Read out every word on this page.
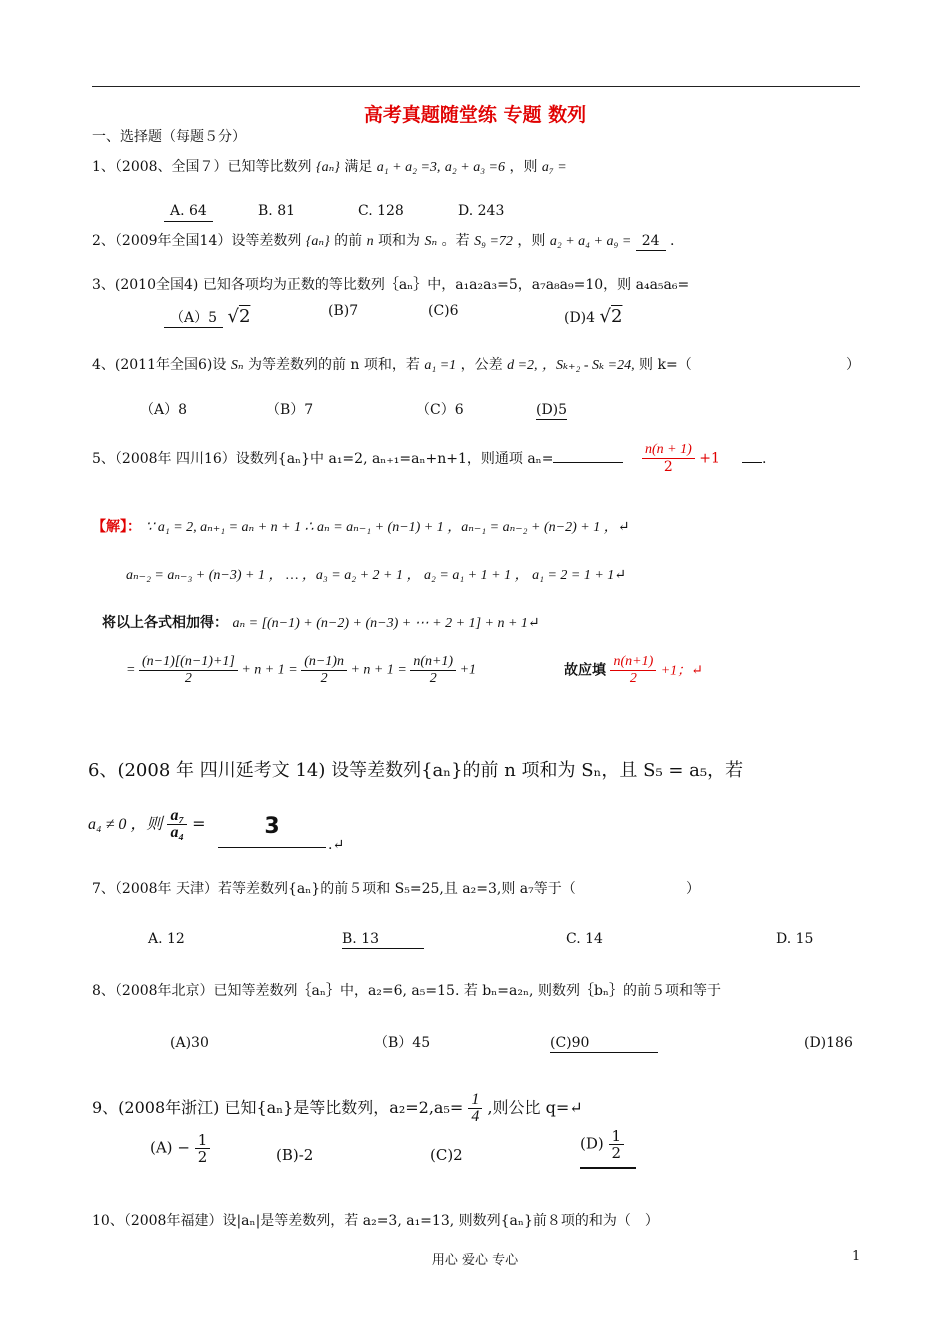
高考真题随堂练 专题 数列
一、选择题（每题５分）
1、（2008、全国７）已知等比数列 {aₙ} 满足 a₁ + a₂ =3, a₂ + a₃ =6 ，则 a₇ =
A. 64	B. 81	C. 128	D. 243
2、（2009年全国14）设等差数列 {aₙ} 的前 n 项和为 Sₙ 。若 S₉ =72 ，则 a₂ + a₄ + a₉ = 24 .
3、(2010全国4) 已知各项均为正数的等比数列｛aₙ｝中，a₁a₂a₃=5，a₇a₈a₉=10，则 a₄a₅a₆=
（A）5 √2	(B)7	(C)6	(D)4 √2
4、(2011年全国6)设 Sₙ 为等差数列的前 n 项和，若 a₁ =1 ，公差 d =2, ，Sₖ₊₂ - Sₖ =24, 则 k=（	）
（A）8	（B）7	（C）6	(D)5
5、（2008年 四川16）设数列{aₙ}中 a₁=2, aₙ₊₁=aₙ+n+1，则通项 aₙ=	$\frac{n(n + 1)}{2} +1$	.
【解】： ∵ a₁ = 2, aₙ₊₁ = aₙ + n + 1 ∴ aₙ = aₙ₋₁ + (n−1) + 1 ，aₙ₋₁ = aₙ₋₂ + (n−2) + 1 ，↵
aₙ₋₂ = aₙ₋₃ + (n−3) + 1 ， … ，a₃ = a₂ + 2 + 1 ， a₂ = a₁ + 1 + 1 ， a₁ = 2 = 1 + 1↵
将以上各式相加得： aₙ = [(n−1) + (n−2) + (n−3) + ⋯ + 2 + 1] + n + 1↵
= $\frac{(n-1)[(n-1)+1]}{2} + n + 1 = \frac{(n-1)n}{2} + n + 1 = \frac{n(n+1)}{2} +1$	故应填 $\frac{n(n+1)}{2} +1$；↵
6、(2008 年 四川延考文 14) 设等差数列{aₙ}的前 n 项和为 Sₙ，且 S₅ = a₅，若
a₄ ≠ 0 ，则 $\frac{\text{a₇}}{\text{a₄}}$ =	3
.↵
7、（2008年 天津）若等差数列{aₙ}的前５项和 S₅=25,且 a₂=3,则 a₇等于（	）
A. 12	B. 13	C. 14	D. 15
8、（2008年北京）已知等差数列｛aₙ｝中，a₂=6, a₅=15. 若 bₙ=a₂ₙ, 则数列｛bₙ｝的前５项和等于
(A)30	（B）45	(C)90	(D)186
9、(2008年浙江) 已知{aₙ}是等比数列，$a_2=2,a_5= \frac{1}{4}$ ,则公比 q=↵
$(A) - \frac{1}{2}$	(B)-2	(C)2
$(D) \frac{1}{2}$
10、（2008年福建）设|aₙ|是等差数列，若 a₂=3, a₁=13, 则数列{aₙ}前８项的和为（　）
用心 爱心 专心	1
